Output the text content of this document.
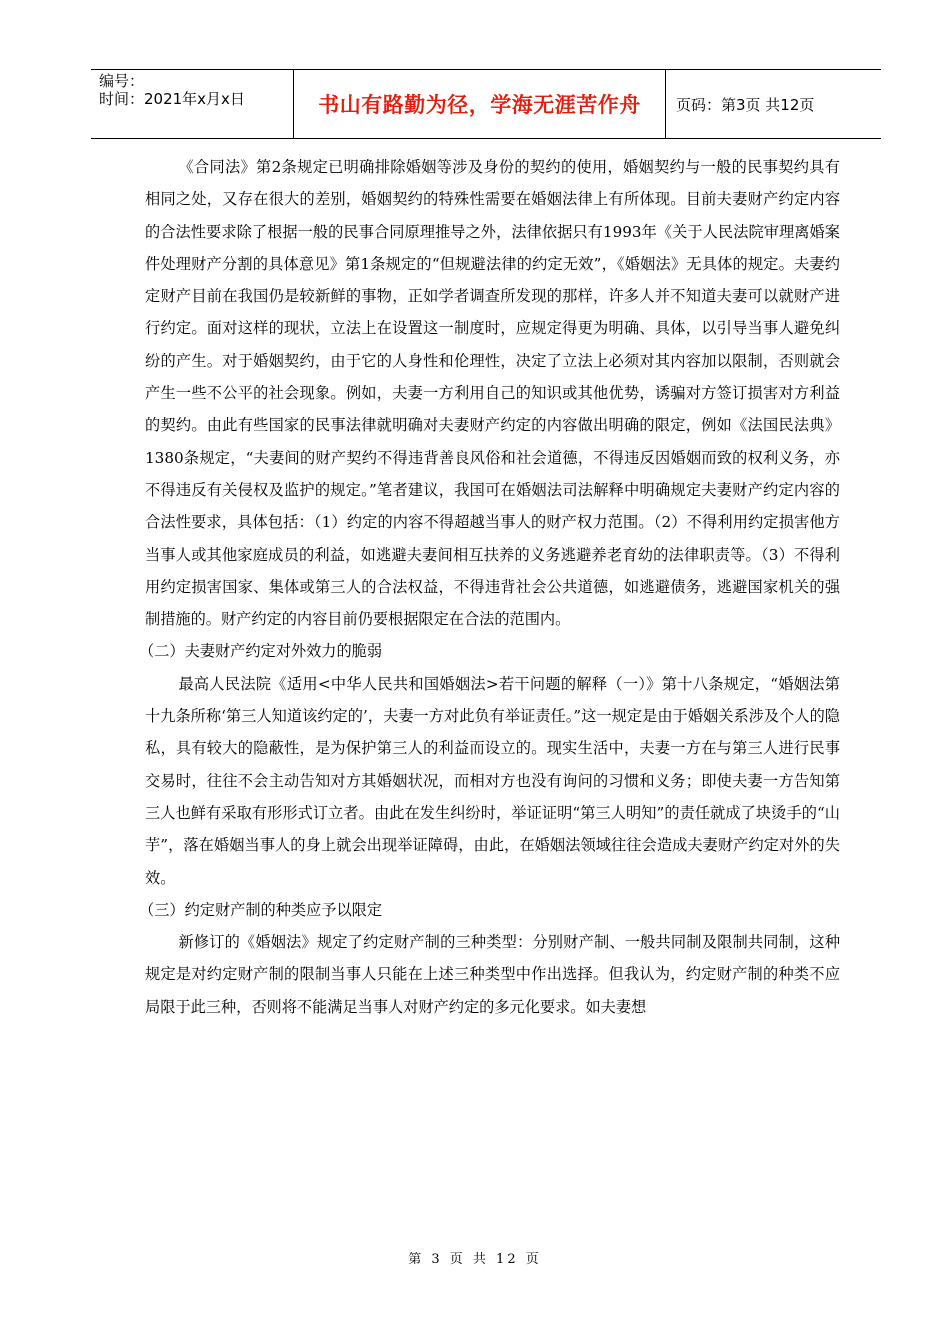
编号：
时间：2021年x月x日	书山有路勤为径，学海无涯苦作舟	页码：第3页 共12页

《合同法》第2条规定已明确排除婚姻等涉及身份的契约的使用，婚姻契约与一般的民事契约具有相同之处，又存在很大的差别，婚姻契约的特殊性需要在婚姻法律上有所体现。目前夫妻财产约定内容的合法性要求除了根据一般的民事合同原理推导之外，法律依据只有1993年《关于人民法院审理离婚案件处理财产分割的具体意见》第1条规定的“但规避法律的约定无效”，《婚姻法》无具体的规定。夫妻约定财产目前在我国仍是较新鲜的事物，正如学者调查所发现的那样，许多人并不知道夫妻可以就财产进行约定。面对这样的现状，立法上在设置这一制度时，应规定得更为明确、具体，以引导当事人避免纠纷的产生。对于婚姻契约，由于它的人身性和伦理性，决定了立法上必须对其内容加以限制，否则就会产生一些不公平的社会现象。例如，夫妻一方利用自己的知识或其他优势，诱骗对方签订损害对方利益的契约。由此有些国家的民事法律就明确对夫妻财产约定的内容做出明确的限定，例如《法国民法典》1380条规定，“夫妻间的财产契约不得违背善良风俗和社会道德，不得违反因婚姻而致的权利义务，亦不得违反有关侵权及监护的规定。”笔者建议，我国可在婚姻法司法解释中明确规定夫妻财产约定内容的合法性要求，具体包括：（1）约定的内容不得超越当事人的财产权力范围。（2）不得利用约定损害他方当事人或其他家庭成员的利益，如逃避夫妻间相互扶养的义务逃避养老育幼的法律职责等。（3）不得利用约定损害国家、集体或第三人的合法权益，不得违背社会公共道德，如逃避债务，逃避国家机关的强制措施的。财产约定的内容目前仍要根据限定在合法的范围内。

（二）夫妻财产约定对外效力的脆弱

最高人民法院《适用<中华人民共和国婚姻法>若干问题的解释（一）》第十八条规定，“婚姻法第十九条所称‘第三人知道该约定的’，夫妻一方对此负有举证责任。”这一规定是由于婚姻关系涉及个人的隐私，具有较大的隐蔽性，是为保护第三人的利益而设立的。现实生活中，夫妻一方在与第三人进行民事交易时，往往不会主动告知对方其婚姻状况，而相对方也没有询问的习惯和义务；即使夫妻一方告知第三人也鲜有采取有形形式订立者。由此在发生纠纷时，举证证明“第三人明知”的责任就成了块烫手的“山芋”，落在婚姻当事人的身上就会出现举证障碍，由此，在婚姻法领域往往会造成夫妻财产约定对外的失效。

（三）约定财产制的种类应予以限定

新修订的《婚姻法》规定了约定财产制的三种类型：分别财产制、一般共同制及限制共同制，这种规定是对约定财产制的限制当事人只能在上述三种类型中作出选择。但我认为，约定财产制的种类不应局限于此三种，否则将不能满足当事人对财产约定的多元化要求。如夫妻想

第 3 页 共 12 页
